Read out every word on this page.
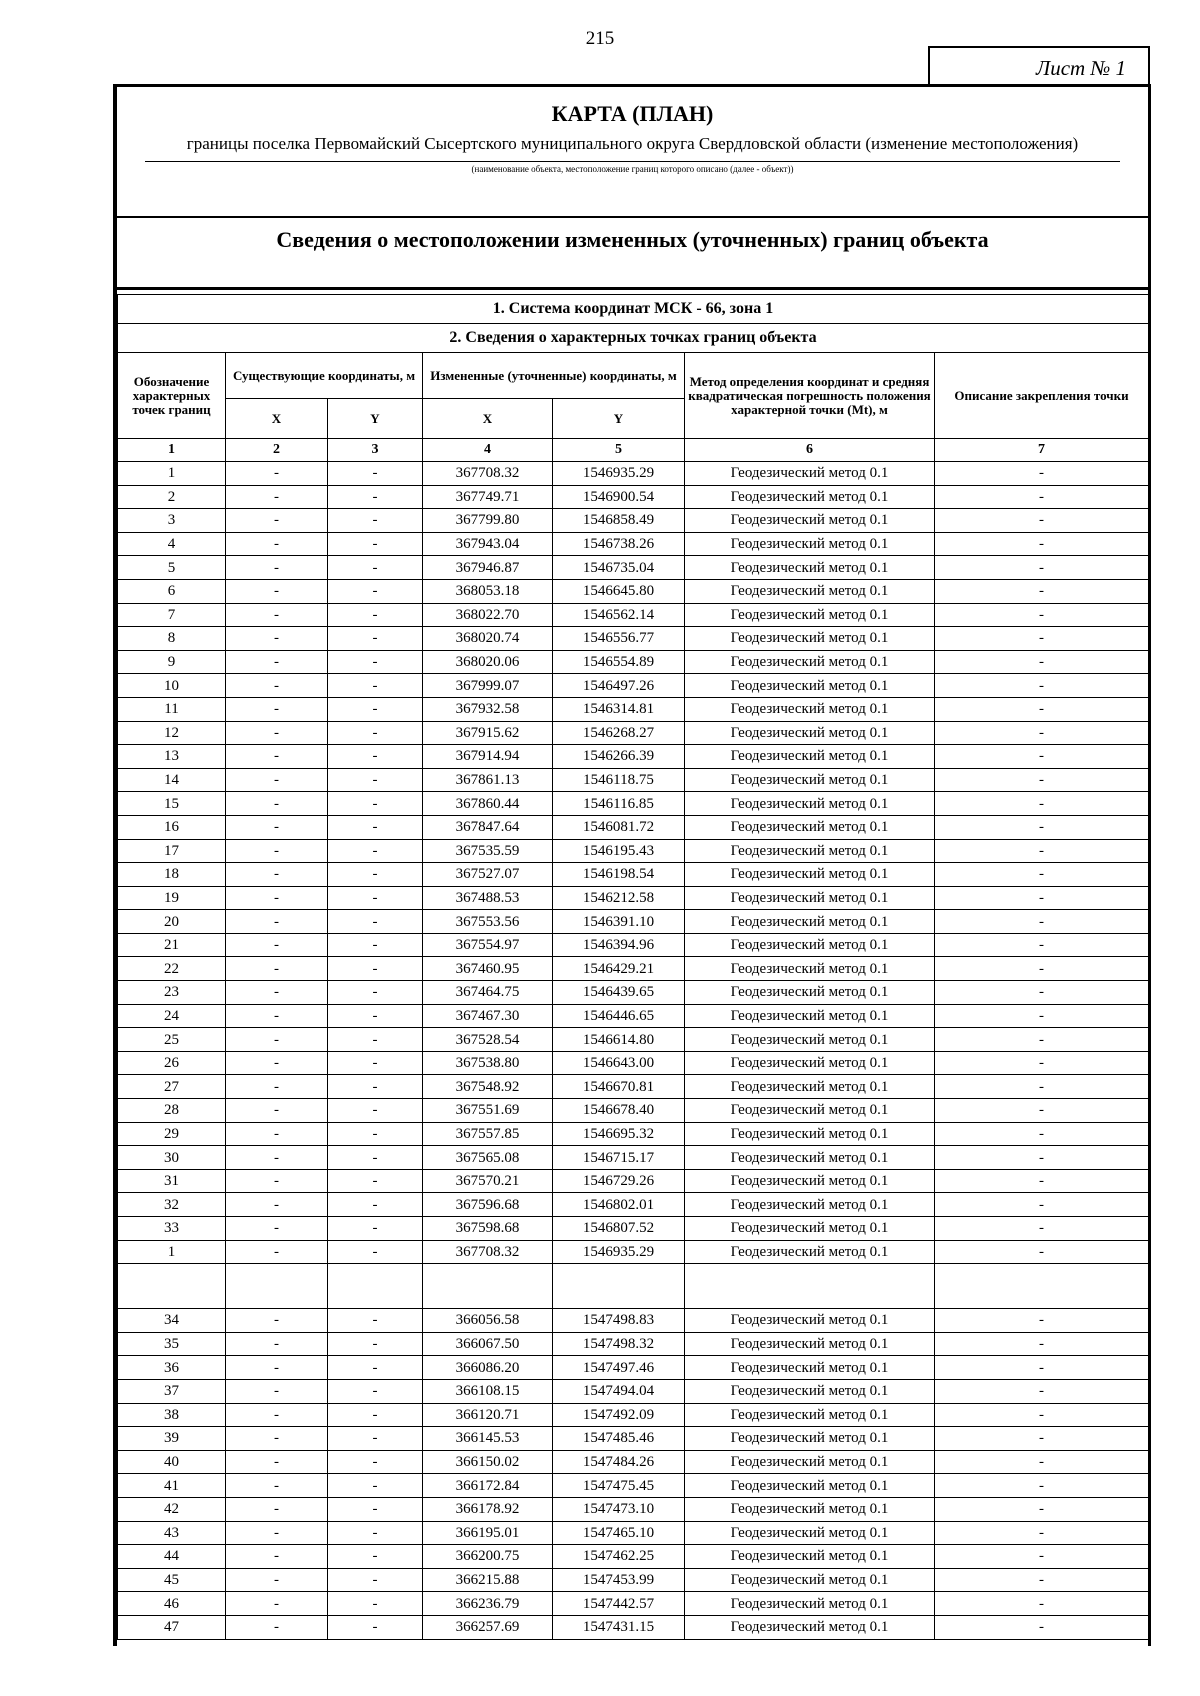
215
Лист № 1
КАРТА (ПЛАН)
границы поселка Первомайский Сысертского муниципального округа Свердловской области (изменение местоположения)
(наименование объекта, местоположение границ которого описано (далее - объект))
Сведения о местоположении измененных (уточненных) границ объекта
1. Система координат МСК - 66, зона 1						
2. Сведения о характерных точках границ объекта						
Обозначение характерных точек границ	Существующие координаты, м		Измененные (уточненные) координаты, м		Метод определения координат и средняя квадратическая погрешность положения характерной точки (Mt), м	Описание закрепления точки
	X	Y	X	Y		
1	2	3	4	5	6	7
1	-	-	367708.32	1546935.29	Геодезический метод 0.1	-
2	-	-	367749.71	1546900.54	Геодезический метод 0.1	-
3	-	-	367799.80	1546858.49	Геодезический метод 0.1	-
4	-	-	367943.04	1546738.26	Геодезический метод 0.1	-
5	-	-	367946.87	1546735.04	Геодезический метод 0.1	-
6	-	-	368053.18	1546645.80	Геодезический метод 0.1	-
7	-	-	368022.70	1546562.14	Геодезический метод 0.1	-
8	-	-	368020.74	1546556.77	Геодезический метод 0.1	-
9	-	-	368020.06	1546554.89	Геодезический метод 0.1	-
10	-	-	367999.07	1546497.26	Геодезический метод 0.1	-
11	-	-	367932.58	1546314.81	Геодезический метод 0.1	-
12	-	-	367915.62	1546268.27	Геодезический метод 0.1	-
13	-	-	367914.94	1546266.39	Геодезический метод 0.1	-
14	-	-	367861.13	1546118.75	Геодезический метод 0.1	-
15	-	-	367860.44	1546116.85	Геодезический метод 0.1	-
16	-	-	367847.64	1546081.72	Геодезический метод 0.1	-
17	-	-	367535.59	1546195.43	Геодезический метод 0.1	-
18	-	-	367527.07	1546198.54	Геодезический метод 0.1	-
19	-	-	367488.53	1546212.58	Геодезический метод 0.1	-
20	-	-	367553.56	1546391.10	Геодезический метод 0.1	-
21	-	-	367554.97	1546394.96	Геодезический метод 0.1	-
22	-	-	367460.95	1546429.21	Геодезический метод 0.1	-
23	-	-	367464.75	1546439.65	Геодезический метод 0.1	-
24	-	-	367467.30	1546446.65	Геодезический метод 0.1	-
25	-	-	367528.54	1546614.80	Геодезический метод 0.1	-
26	-	-	367538.80	1546643.00	Геодезический метод 0.1	-
27	-	-	367548.92	1546670.81	Геодезический метод 0.1	-
28	-	-	367551.69	1546678.40	Геодезический метод 0.1	-
29	-	-	367557.85	1546695.32	Геодезический метод 0.1	-
30	-	-	367565.08	1546715.17	Геодезический метод 0.1	-
31	-	-	367570.21	1546729.26	Геодезический метод 0.1	-
32	-	-	367596.68	1546802.01	Геодезический метод 0.1	-
33	-	-	367598.68	1546807.52	Геодезический метод 0.1	-
1	-	-	367708.32	1546935.29	Геодезический метод 0.1	-

34	-	-	366056.58	1547498.83	Геодезический метод 0.1	-
35	-	-	366067.50	1547498.32	Геодезический метод 0.1	-
36	-	-	366086.20	1547497.46	Геодезический метод 0.1	-
37	-	-	366108.15	1547494.04	Геодезический метод 0.1	-
38	-	-	366120.71	1547492.09	Геодезический метод 0.1	-
39	-	-	366145.53	1547485.46	Геодезический метод 0.1	-
40	-	-	366150.02	1547484.26	Геодезический метод 0.1	-
41	-	-	366172.84	1547475.45	Геодезический метод 0.1	-
42	-	-	366178.92	1547473.10	Геодезический метод 0.1	-
43	-	-	366195.01	1547465.10	Геодезический метод 0.1	-
44	-	-	366200.75	1547462.25	Геодезический метод 0.1	-
45	-	-	366215.88	1547453.99	Геодезический метод 0.1	-
46	-	-	366236.79	1547442.57	Геодезический метод 0.1	-
47	-	-	366257.69	1547431.15	Геодезический метод 0.1	-
